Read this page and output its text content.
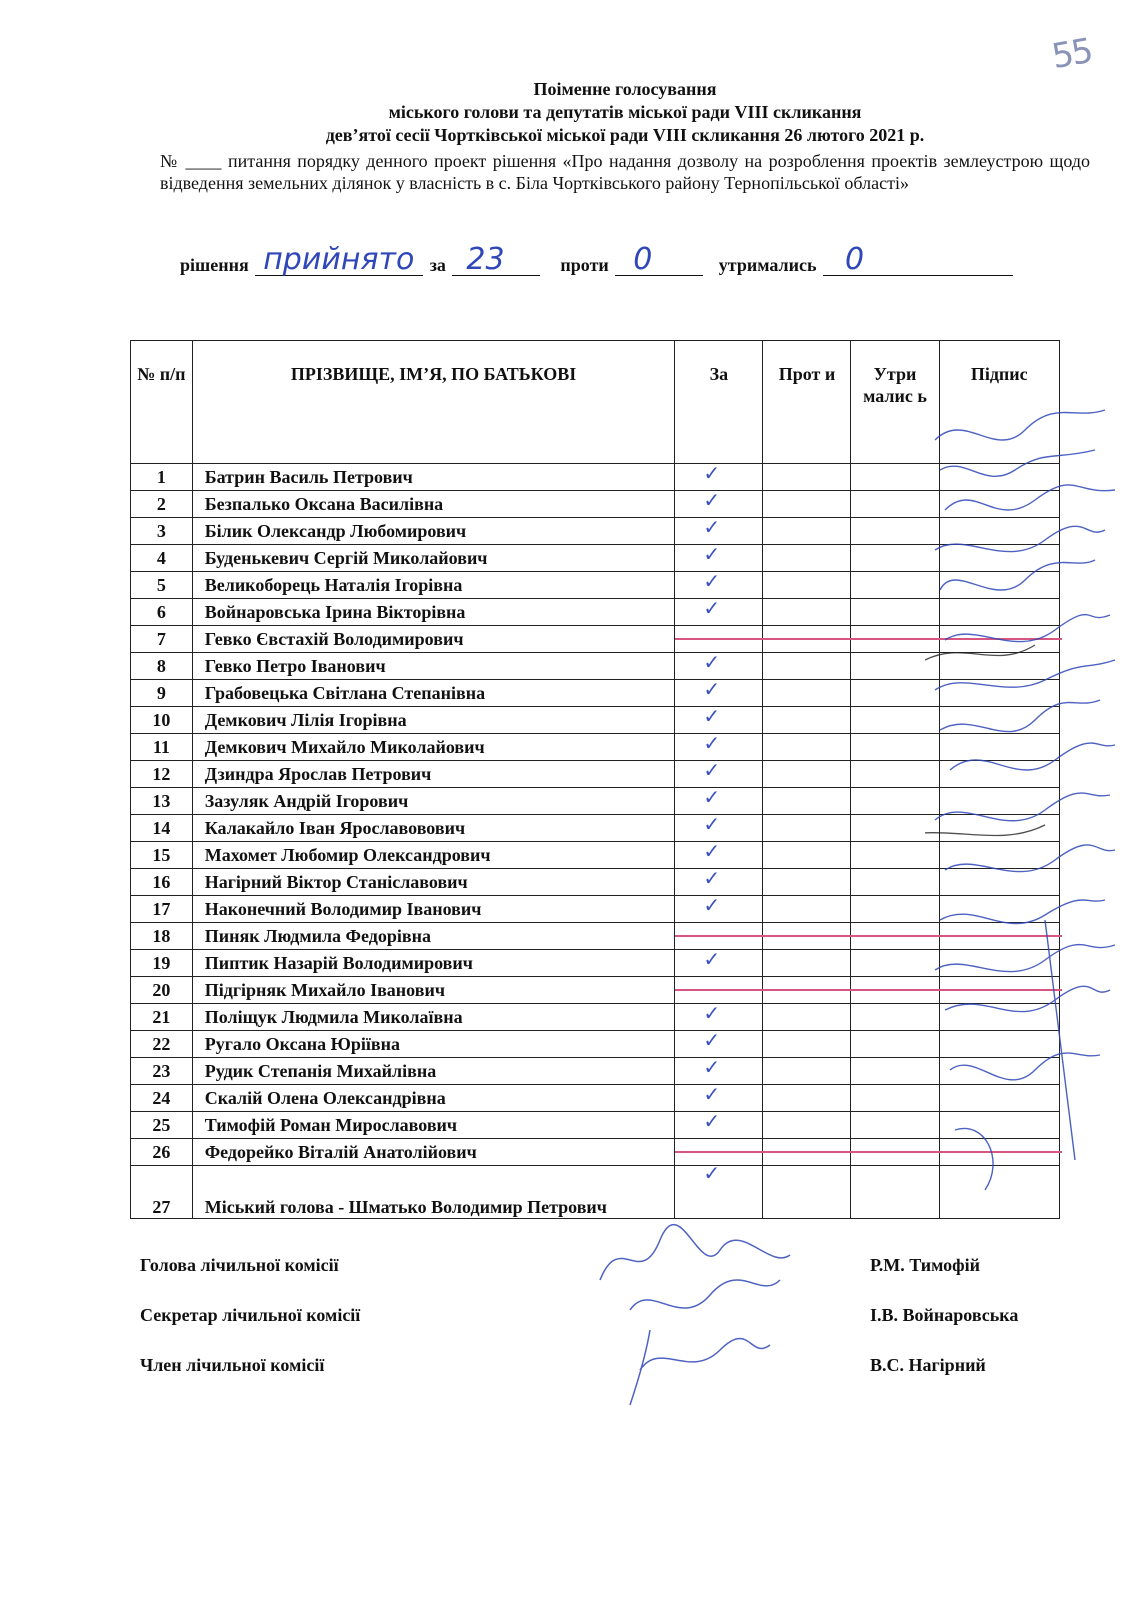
55
Поіменне голосування
міського голови та депутатів міської ради VIII скликання
дев’ятої сесії Чортківської міської ради VIII скликання 26 лютого 2021 р.
№ ____ питання порядку денного проект рішення «Про надання дозволу на розроблення проектів землеустрою щодо відведення земельних ділянок у власність в с. Біла Чортківського району Тернопільської області»
рішення прийнято за 23	проти 0	утримались 0
№ п/п	ПРІЗВИЩЕ, ІМ’Я, ПО БАТЬКОВІ	За	Прот и	Утри малис ь	Підпис
1	Батрин Василь Петрович	✓			

2	Безпалько Оксана Василівна	✓			

3	Білик Олександр Любомирович	✓			

4	Буденькевич Сергій Миколайович	✓			

5	Великоборець Наталія Ігорівна	✓			

6	Войнаровська Ірина Вікторівна	✓			

7	Гевко Євстахій Володимирович				
8	Гевко Петро Іванович	✓			

9	Грабовецька Світлана Степанівна	✓			

10	Демкович Лілія Ігорівна	✓			

11	Демкович Михайло Миколайович	✓			

12	Дзиндра Ярослав Петрович	✓			

13	Зазуляк Андрій Ігорович	✓			

14	Калакайло Іван Ярославовович	✓			

15	Махомет Любомир Олександрович	✓			

16	Нагірний Віктор Станіславович	✓			

17	Наконечний Володимир Іванович	✓			

18	Пиняк Людмила Федорівна				
19	Пиптик Назарій Володимирович	✓			

20	Підгірняк Михайло Іванович				
21	Поліщук Людмила Миколаївна	✓			

22	Ругало Оксана Юріївна	✓			

23	Рудик Степанія Михайлівна	✓			

24	Скалій Олена Олександрівна	✓			

25	Тимофій Роман Мирославович	✓			

26	Федорейко Віталій Анатолійович				
27	Міський голова - Шматько Володимир Петрович	✓			

Голова лічильної комісії	Р.М. Тимофій
Секретар лічильної комісії	І.В. Войнаровська
Член лічильної комісії	В.С. Нагірний
